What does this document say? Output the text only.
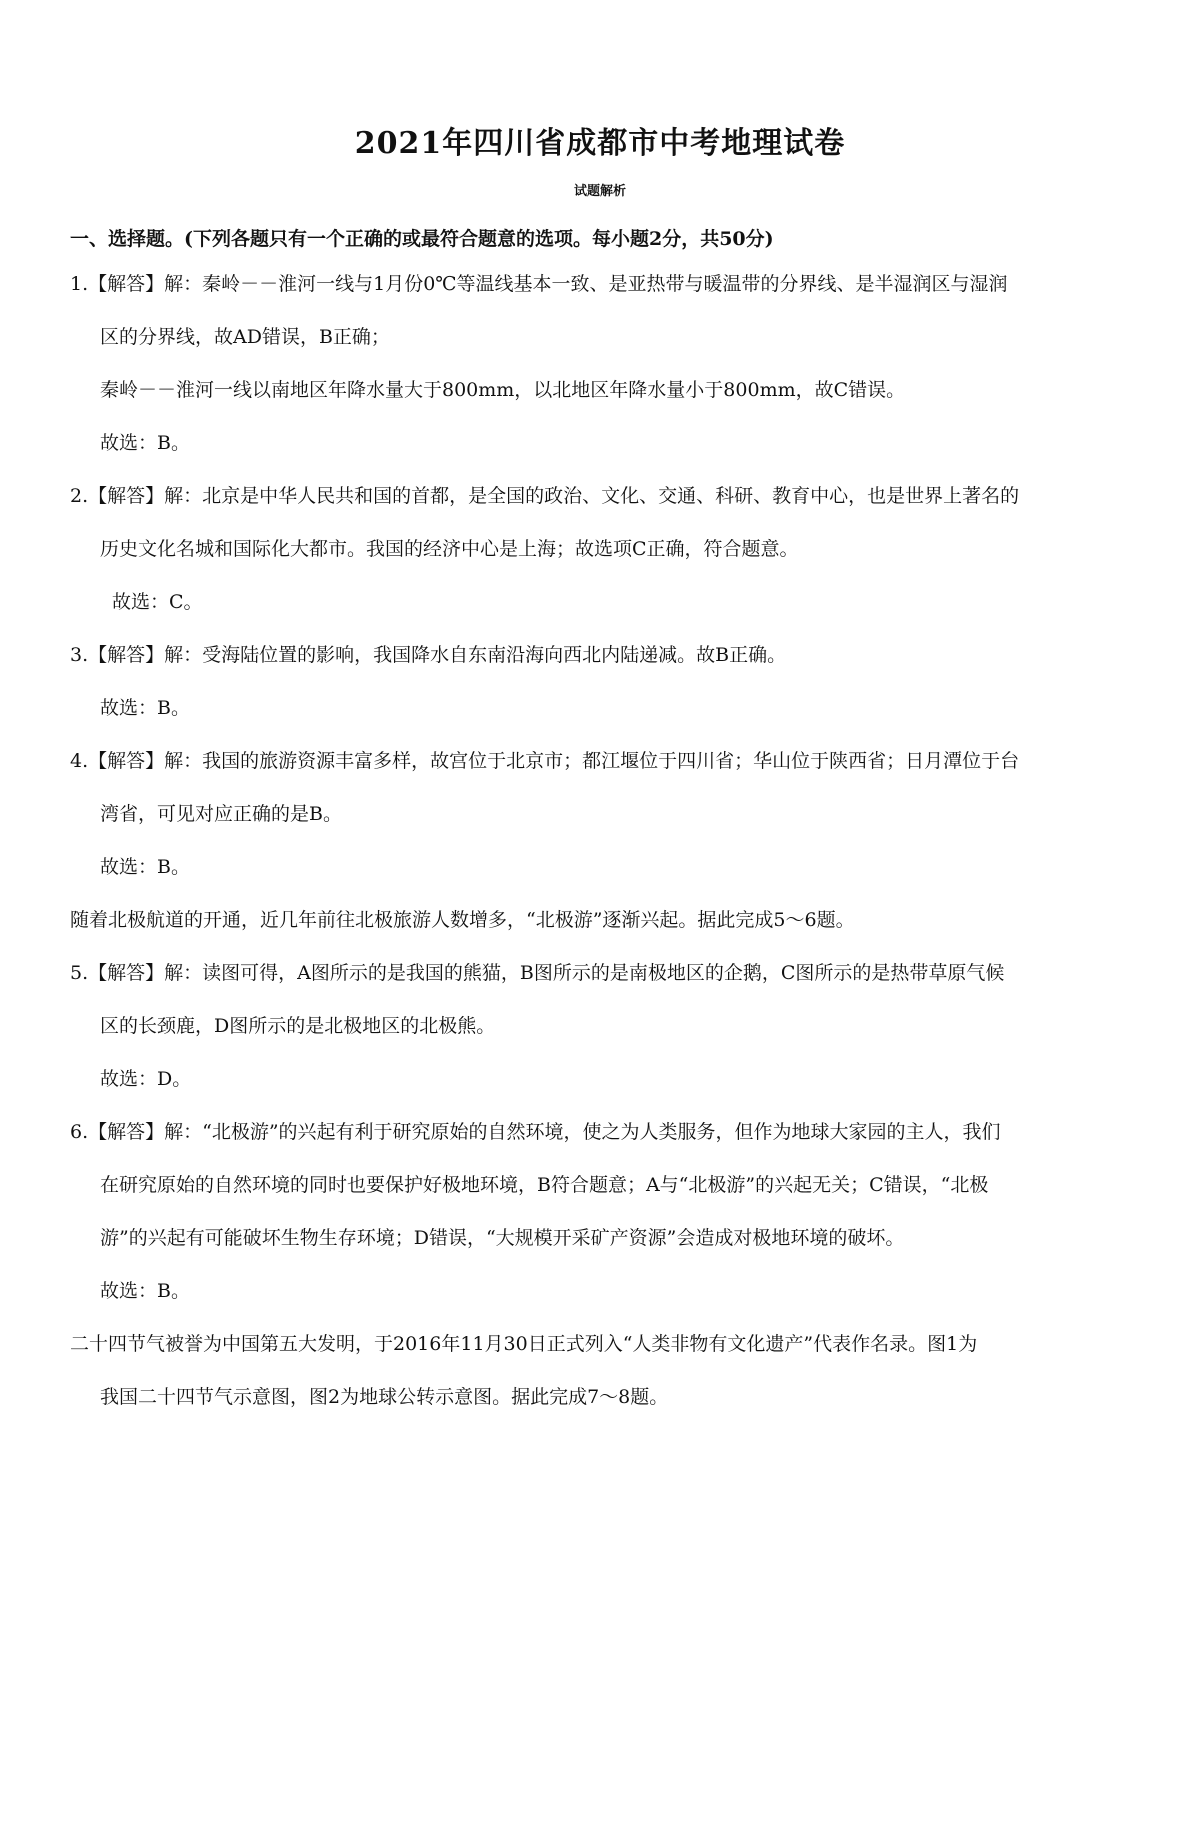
2021年四川省成都市中考地理试卷
试题解析
一、选择题。(下列各题只有一个正确的或最符合题意的选项。每小题2分，共50分)

1.【解答】解：秦岭－－淮河一线与1月份0℃等温线基本一致、是亚热带与暖温带的分界线、是半湿润区与湿润

区的分界线，故AD错误，B正确；

秦岭－－淮河一线以南地区年降水量大于800mm，以北地区年降水量小于800mm，故C错误。

故选：B。

2.【解答】解：北京是中华人民共和国的首都，是全国的政治、文化、交通、科研、教育中心，也是世界上著名的

历史文化名城和国际化大都市。我国的经济中心是上海；故选项C正确，符合题意。

故选：C。

3.【解答】解：受海陆位置的影响，我国降水自东南沿海向西北内陆递减。故B正确。

故选：B。

4.【解答】解：我国的旅游资源丰富多样，故宫位于北京市；都江堰位于四川省；华山位于陕西省；日月潭位于台

湾省，可见对应正确的是B。

故选：B。

随着北极航道的开通，近几年前往北极旅游人数增多，“北极游”逐渐兴起。据此完成5～6题。

5.【解答】解：读图可得，A图所示的是我国的熊猫，B图所示的是南极地区的企鹅，C图所示的是热带草原气候

区的长颈鹿，D图所示的是北极地区的北极熊。

故选：D。

6.【解答】解：“北极游”的兴起有利于研究原始的自然环境，使之为人类服务，但作为地球大家园的主人，我们

在研究原始的自然环境的同时也要保护好极地环境，B符合题意；A与“北极游”的兴起无关；C错误，“北极

游”的兴起有可能破坏生物生存环境；D错误，“大规模开采矿产资源”会造成对极地环境的破坏。

故选：B。

二十四节气被誉为中国第五大发明，于2016年11月30日正式列入“人类非物有文化遗产”代表作名录。图1为

我国二十四节气示意图，图2为地球公转示意图。据此完成7～8题。
